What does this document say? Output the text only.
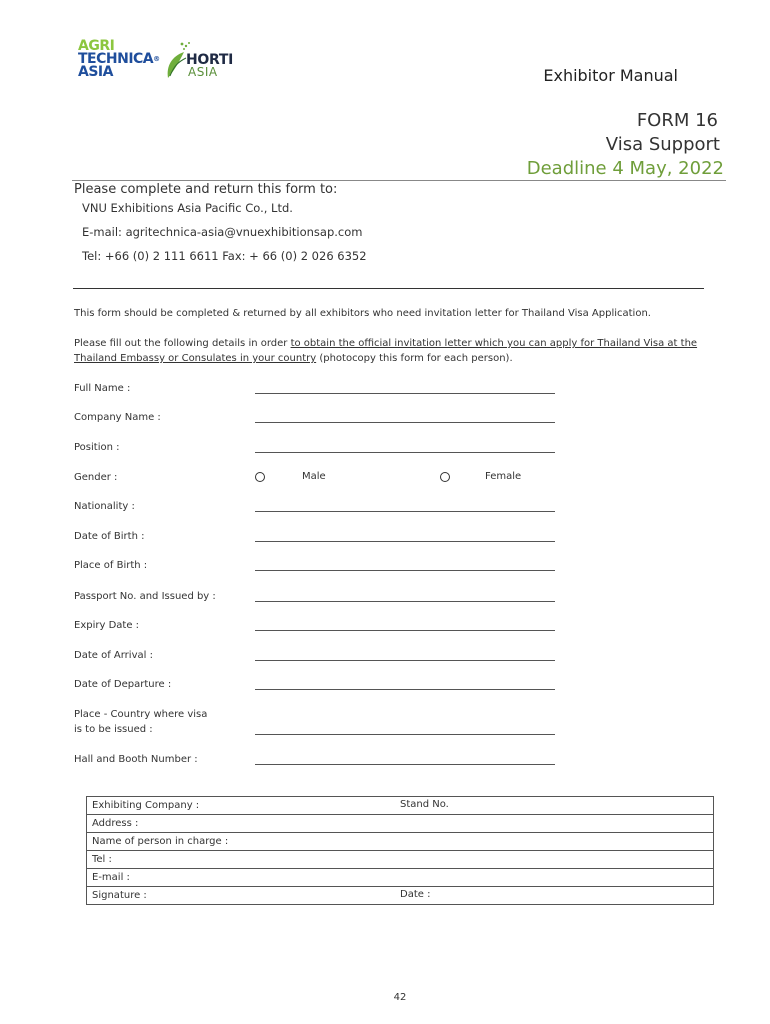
AGRI
TECHNICA®
ASIA
HORTI
ASIA	Exhibitor Manual
FORM 16
Visa Support
Deadline 4 May, 2022
Please complete and return this form to:
VNU Exhibitions Asia Pacific Co., Ltd.
E-mail: agritechnica-asia@vnuexhibitionsap.com
Tel: +66 (0) 2 111 6611 Fax: + 66 (0) 2 026 6352
This form should be completed & returned by all exhibitors who need invitation letter for Thailand Visa Application.
Please fill out the following details in order to obtain the official invitation letter which you can apply for Thailand Visa at the
Thailand Embassy or Consulates in your country (photocopy this form for each person).
Full Name :
Company Name :
Position :
Gender :	Male	Female
Nationality :
Date of Birth :
Place of Birth :
Passport No. and Issued by :
Expiry Date :
Date of Arrival :
Date of Departure :
Place - Country where visa
is to be issued :
Hall and Booth Number :
Exhibiting Company :	Stand No.

Address :
Name of person in charge :
Tel :
E-mail :
Signature :	Date :
42
